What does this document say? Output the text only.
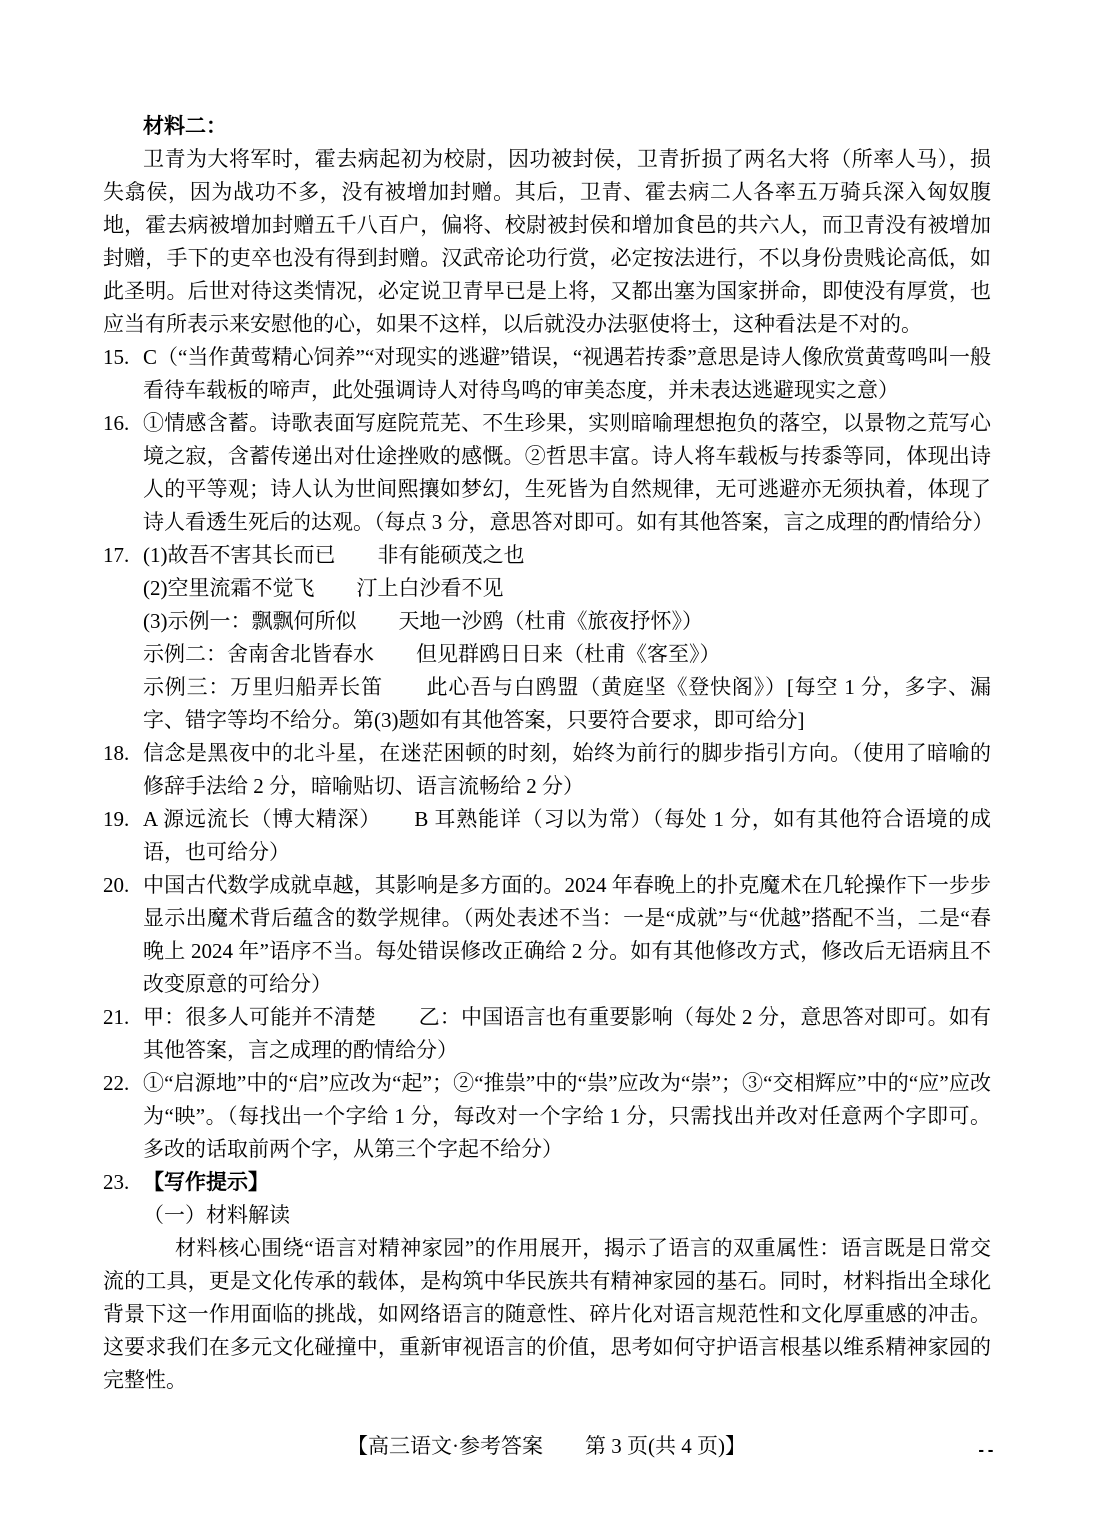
材料二：
卫青为大将军时，霍去病起初为校尉，因功被封侯，卫青折损了两名大将（所率人马），损失翕侯，因为战功不多，没有被增加封赠。其后，卫青、霍去病二人各率五万骑兵深入匈奴腹地，霍去病被增加封赠五千八百户，偏将、校尉被封侯和增加食邑的共六人，而卫青没有被增加封赠，手下的吏卒也没有得到封赠。汉武帝论功行赏，必定按法进行，不以身份贵贱论高低，如此圣明。后世对待这类情况，必定说卫青早已是上将，又都出塞为国家拼命，即使没有厚赏，也应当有所表示来安慰他的心，如果不这样，以后就没办法驱使将士，这种看法是不对的。
15. C（“当作黄莺精心饲养”“对现实的逃避”错误，“视遇若抟黍”意思是诗人像欣赏黄莺鸣叫一般看待车载板的啼声，此处强调诗人对待鸟鸣的审美态度，并未表达逃避现实之意）
16. ①情感含蓄。诗歌表面写庭院荒芜、不生珍果，实则暗喻理想抱负的落空，以景物之荒写心境之寂，含蓄传递出对仕途挫败的感慨。②哲思丰富。诗人将车载板与抟黍等同，体现出诗人的平等观；诗人认为世间熙攘如梦幻，生死皆为自然规律，无可逃避亦无须执着，体现了诗人看透生死后的达观。（每点 3 分，意思答对即可。如有其他答案，言之成理的酌情给分）
17. (1)故吾不害其长而已　　非有能硕茂之也
(2)空里流霜不觉飞　　汀上白沙看不见
(3)示例一：飘飘何所似　　天地一沙鸥（杜甫《旅夜抒怀》）
示例二：舍南舍北皆春水　　但见群鸥日日来（杜甫《客至》）
示例三：万里归船弄长笛　　此心吾与白鸥盟（黄庭坚《登快阁》）[每空 1 分，多字、漏字、错字等均不给分。第(3)题如有其他答案，只要符合要求，即可给分]
18. 信念是黑夜中的北斗星，在迷茫困顿的时刻，始终为前行的脚步指引方向。（使用了暗喻的修辞手法给 2 分，暗喻贴切、语言流畅给 2 分）
19. A 源远流长（博大精深）　　B 耳熟能详（习以为常）（每处 1 分，如有其他符合语境的成语，也可给分）
20. 中国古代数学成就卓越，其影响是多方面的。2024 年春晚上的扑克魔术在几轮操作下一步步显示出魔术背后蕴含的数学规律。（两处表述不当：一是“成就”与“优越”搭配不当，二是“春晚上 2024 年”语序不当。每处错误修改正确给 2 分。如有其他修改方式，修改后无语病且不改变原意的可给分）
21. 甲：很多人可能并不清楚　　乙：中国语言也有重要影响（每处 2 分，意思答对即可。如有其他答案，言之成理的酌情给分）
22. ①“启源地”中的“启”应改为“起”；②“推祟”中的“祟”应改为“崇”；③“交相辉应”中的“应”应改为“映”。（每找出一个字给 1 分，每改对一个字给 1 分，只需找出并改对任意两个字即可。多改的话取前两个字，从第三个字起不给分）
23. 【写作提示】
（一）材料解读
材料核心围绕“语言对精神家园”的作用展开，揭示了语言的双重属性：语言既是日常交流的工具，更是文化传承的载体，是构筑中华民族共有精神家园的基石。同时，材料指出全球化背景下这一作用面临的挑战，如网络语言的随意性、碎片化对语言规范性和文化厚重感的冲击。这要求我们在多元文化碰撞中，重新审视语言的价值，思考如何守护语言根基以维系精神家园的完整性。
【高三语文·参考答案　　第 3 页(共 4 页)】	--
